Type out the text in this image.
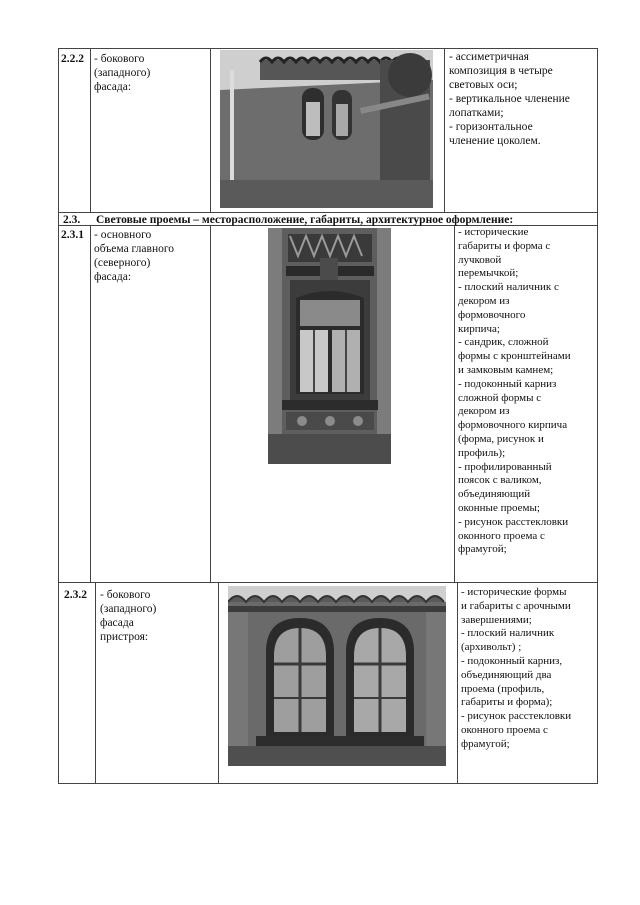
2.2.2 - бокового
(западного)
фасада:
- ассиметричная
композиция в четыре
световых оси;
- вертикальное членение
лопатками;
- горизонтальное
членение цоколем.
2.3. Световые проемы – месторасположение, габариты, архитектурное оформление:
2.3.1 - основного
объема главного
(северного)
фасада:
- исторические
габариты и форма с
лучковой
перемычкой;
- плоский наличник с
декором из
формовочного
кирпича;
- сандрик, сложной
формы с кронштейнами
и замковым камнем;
- подоконный карниз
сложной формы с
декором из
формовочного кирпича
(форма, рисунок и
профиль);
- профилированный
поясок с валиком,
объединяющий
оконные проемы;
- рисунок расстекловки
оконного проема с
фрамугой;
2.3.2 - бокового
(западного)
фасада
пристроя:
- исторические формы
и габариты с арочными
завершениями;
- плоский наличник
(архивольт) ;
- подоконный карниз,
объединяющий два
проема (профиль,
габариты и форма);
- рисунок расстекловки
оконного проема с
фрамугой;
